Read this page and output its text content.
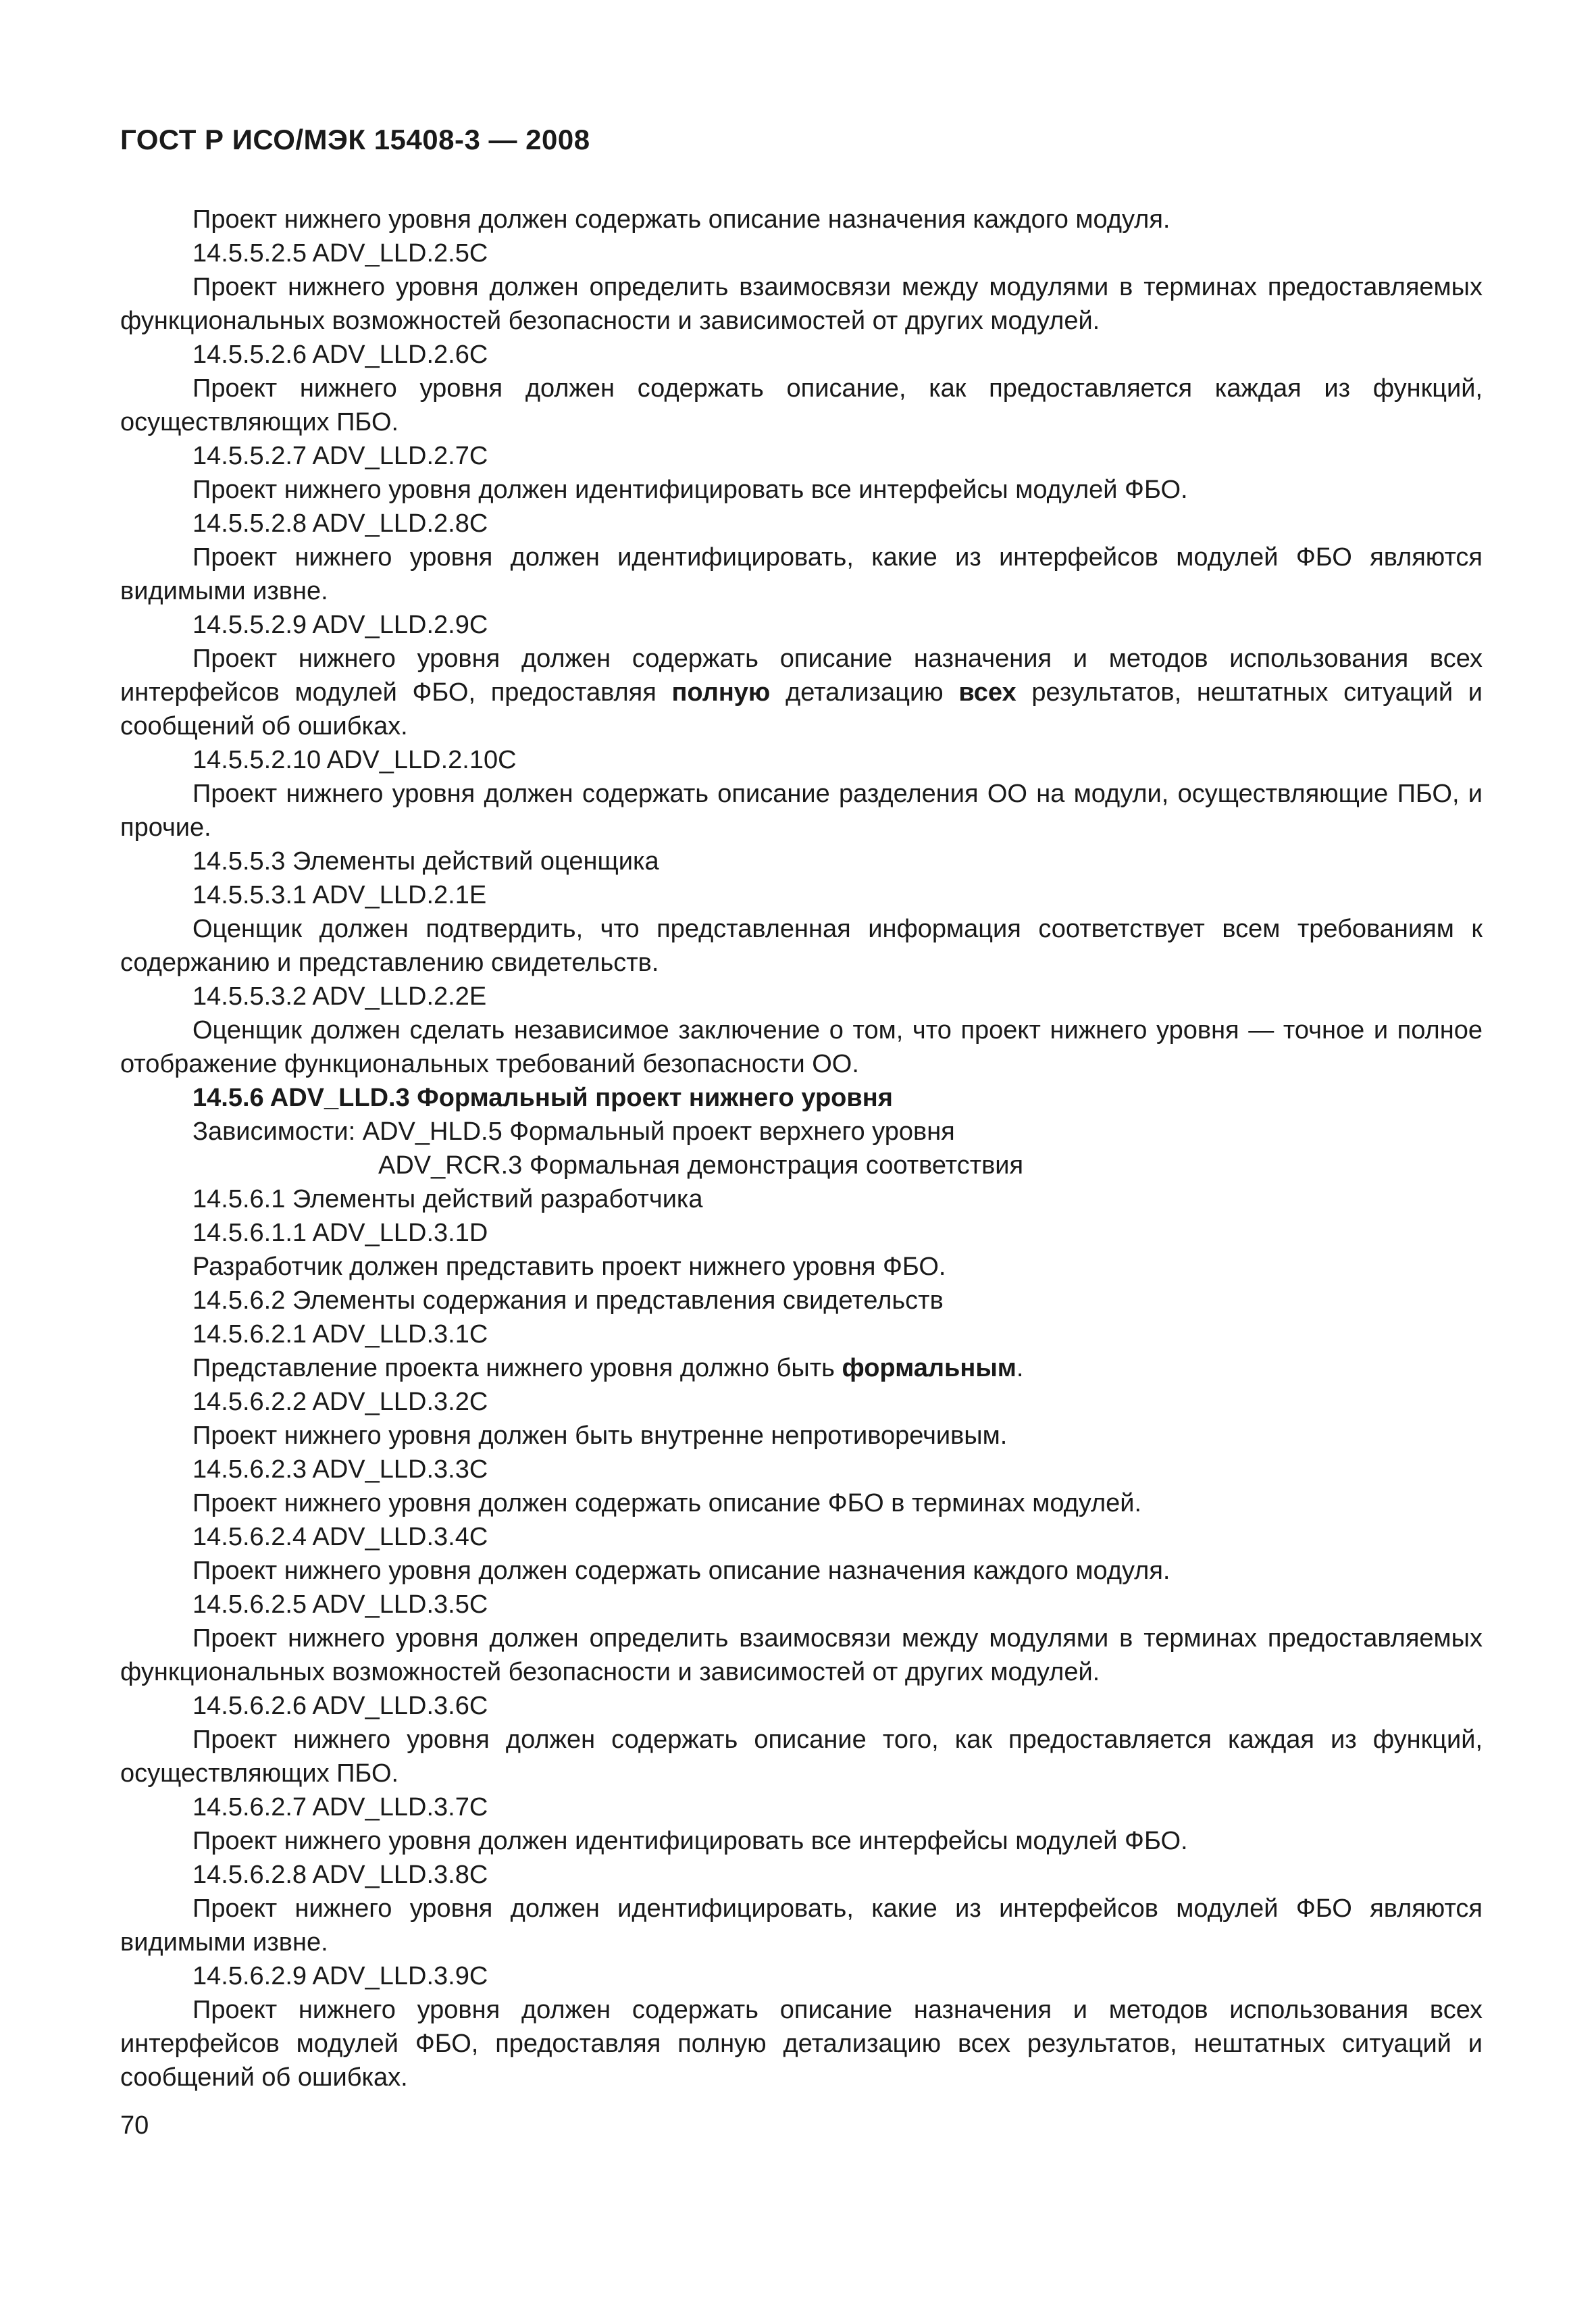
ГОСТ Р ИСО/МЭК 15408-3 — 2008

Проект нижнего уровня должен содержать описание назначения каждого модуля.

14.5.5.2.5 ADV_LLD.2.5C

Проект нижнего уровня должен определить взаимосвязи между модулями в терминах предоставляемых функциональных возможностей безопасности и зависимостей от других модулей.

14.5.5.2.6 ADV_LLD.2.6C

Проект нижнего уровня должен содержать описание, как предоставляется каждая из функций, осуществляющих ПБО.

14.5.5.2.7 ADV_LLD.2.7C

Проект нижнего уровня должен идентифицировать все интерфейсы модулей ФБО.

14.5.5.2.8 ADV_LLD.2.8C

Проект нижнего уровня должен идентифицировать, какие из интерфейсов модулей ФБО являются видимыми извне.

14.5.5.2.9 ADV_LLD.2.9C

Проект нижнего уровня должен содержать описание назначения и методов использования всех интерфейсов модулей ФБО, предоставляя полную детализацию всех результатов, нештатных ситуаций и сообщений об ошибках.

14.5.5.2.10 ADV_LLD.2.10C

Проект нижнего уровня должен содержать описание разделения ОО на модули, осуществляющие ПБО, и прочие.

14.5.5.3 Элементы действий оценщика

14.5.5.3.1 ADV_LLD.2.1E

Оценщик должен подтвердить, что представленная информация соответствует всем требованиям к содержанию и представлению свидетельств.

14.5.5.3.2 ADV_LLD.2.2E

Оценщик должен сделать независимое заключение о том, что проект нижнего уровня — точное и полное отображение функциональных требований безопасности ОО.

14.5.6 ADV_LLD.3 Формальный проект нижнего уровня

Зависимости: ADV_HLD.5 Формальный проект верхнего уровня

ADV_RCR.3 Формальная демонстрация соответствия

14.5.6.1 Элементы действий разработчика

14.5.6.1.1 ADV_LLD.3.1D

Разработчик должен представить проект нижнего уровня ФБО.

14.5.6.2 Элементы содержания и представления свидетельств

14.5.6.2.1 ADV_LLD.3.1C

Представление проекта нижнего уровня должно быть формальным.

14.5.6.2.2 ADV_LLD.3.2C

Проект нижнего уровня должен быть внутренне непротиворечивым.

14.5.6.2.3 ADV_LLD.3.3C

Проект нижнего уровня должен содержать описание ФБО в терминах модулей.

14.5.6.2.4 ADV_LLD.3.4C

Проект нижнего уровня должен содержать описание назначения каждого модуля.

14.5.6.2.5 ADV_LLD.3.5C

Проект нижнего уровня должен определить взаимосвязи между модулями в терминах предоставляемых функциональных возможностей безопасности и зависимостей от других модулей.

14.5.6.2.6 ADV_LLD.3.6C

Проект нижнего уровня должен содержать описание того, как предоставляется каждая из функций, осуществляющих ПБО.

14.5.6.2.7 ADV_LLD.3.7C

Проект нижнего уровня должен идентифицировать все интерфейсы модулей ФБО.

14.5.6.2.8 ADV_LLD.3.8C

Проект нижнего уровня должен идентифицировать, какие из интерфейсов модулей ФБО являются видимыми извне.

14.5.6.2.9 ADV_LLD.3.9C

Проект нижнего уровня должен содержать описание назначения и методов использования всех интерфейсов модулей ФБО, предоставляя полную детализацию всех результатов, нештатных ситуаций и сообщений об ошибках.

70
